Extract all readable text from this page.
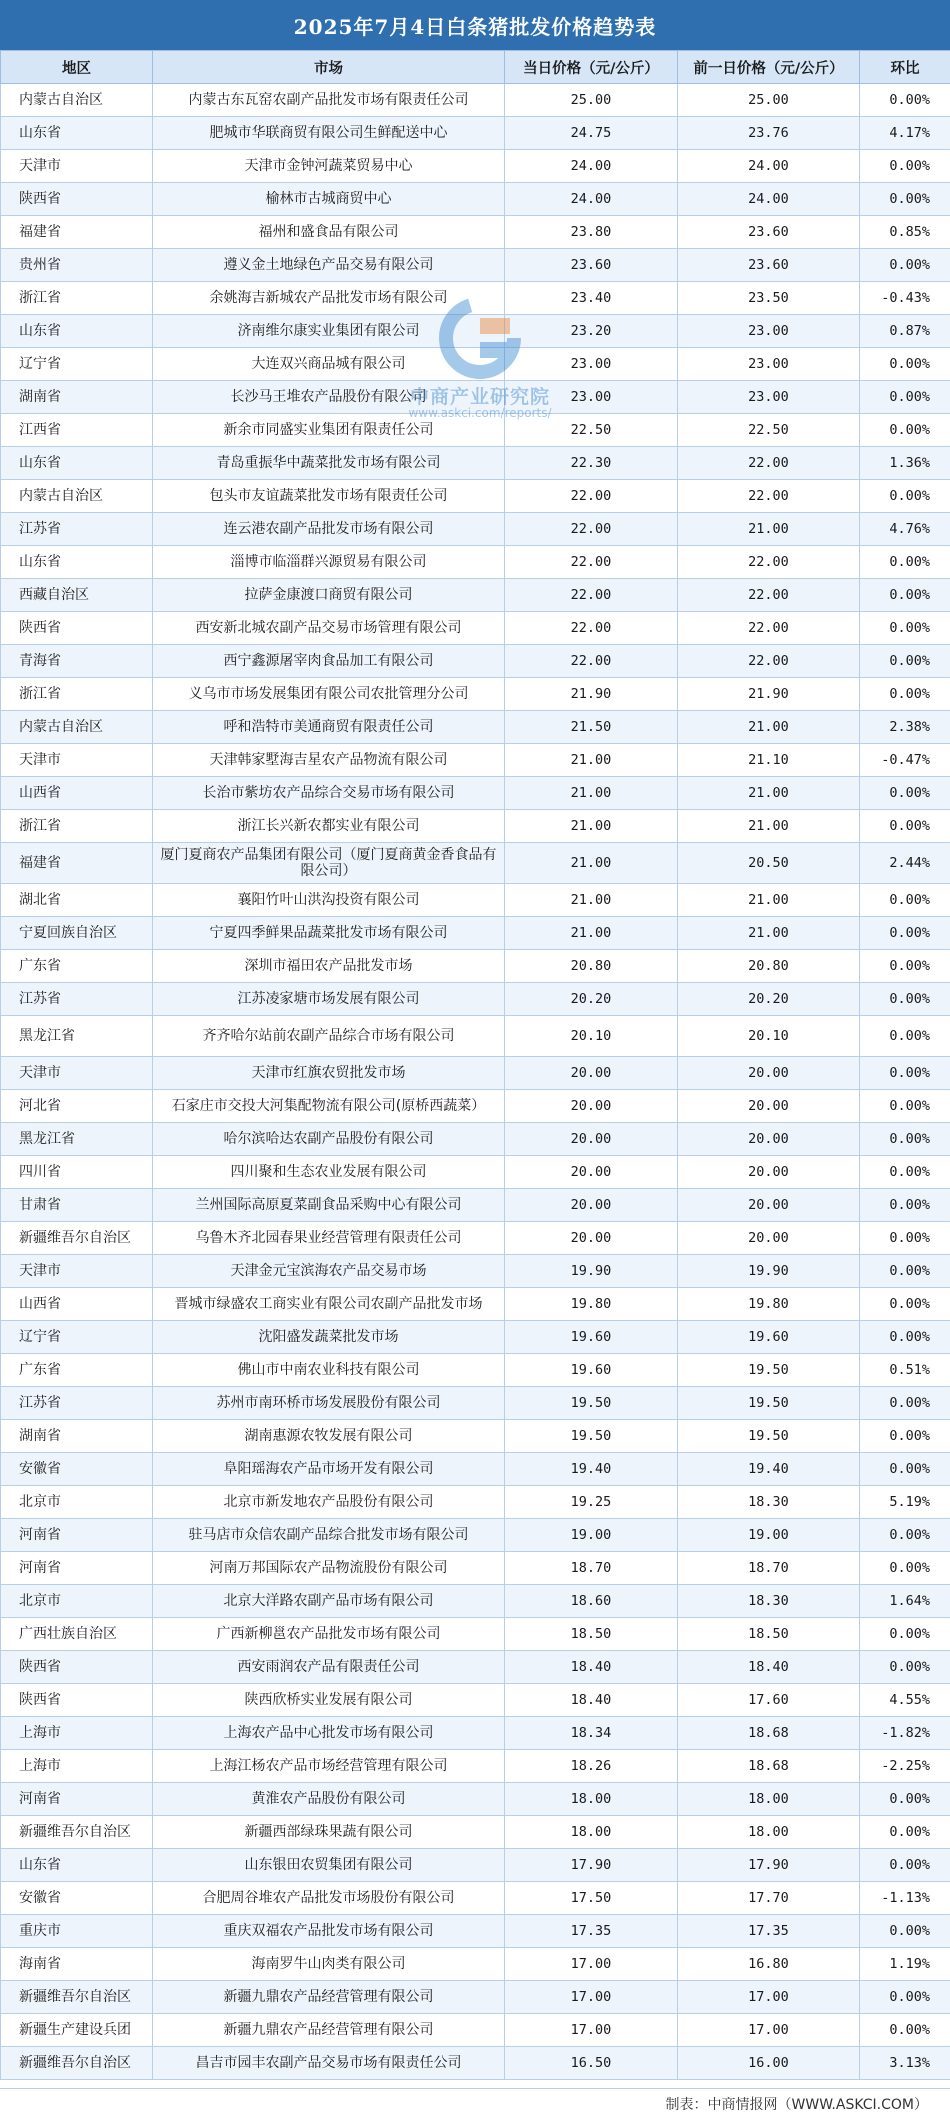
2025年7月4日白条猪批发价格趋势表
地区	市场	当日价格（元/公斤）	前一日价格（元/公斤）	环比
内蒙古自治区	内蒙古东瓦窑农副产品批发市场有限责任公司	25.00	25.00	0.00%
山东省	肥城市华联商贸有限公司生鲜配送中心	24.75	23.76	4.17%
天津市	天津市金钟河蔬菜贸易中心	24.00	24.00	0.00%
陕西省	榆林市古城商贸中心	24.00	24.00	0.00%
福建省	福州和盛食品有限公司	23.80	23.60	0.85%
贵州省	遵义金土地绿色产品交易有限公司	23.60	23.60	0.00%
浙江省	余姚海吉新城农产品批发市场有限公司	23.40	23.50	-0.43%
山东省	济南维尔康实业集团有限公司	23.20	23.00	0.87%
辽宁省	大连双兴商品城有限公司	23.00	23.00	0.00%
湖南省	长沙马王堆农产品股份有限公司	23.00	23.00	0.00%
江西省	新余市同盛实业集团有限责任公司	22.50	22.50	0.00%
山东省	青岛重振华中蔬菜批发市场有限公司	22.30	22.00	1.36%
内蒙古自治区	包头市友谊蔬菜批发市场有限责任公司	22.00	22.00	0.00%
江苏省	连云港农副产品批发市场有限公司	22.00	21.00	4.76%
山东省	淄博市临淄群兴源贸易有限公司	22.00	22.00	0.00%
西藏自治区	拉萨金康渡口商贸有限公司	22.00	22.00	0.00%
陕西省	西安新北城农副产品交易市场管理有限公司	22.00	22.00	0.00%
青海省	西宁鑫源屠宰肉食品加工有限公司	22.00	22.00	0.00%
浙江省	义乌市市场发展集团有限公司农批管理分公司	21.90	21.90	0.00%
内蒙古自治区	呼和浩特市美通商贸有限责任公司	21.50	21.00	2.38%
天津市	天津韩家墅海吉星农产品物流有限公司	21.00	21.10	-0.47%
山西省	长治市紫坊农产品综合交易市场有限公司	21.00	21.00	0.00%
浙江省	浙江长兴新农都实业有限公司	21.00	21.00	0.00%
福建省	厦门夏商农产品集团有限公司（厦门夏商黄金香食品有限公司）	21.00	20.50	2.44%
湖北省	襄阳竹叶山洪沟投资有限公司	21.00	21.00	0.00%
宁夏回族自治区	宁夏四季鲜果品蔬菜批发市场有限公司	21.00	21.00	0.00%
广东省	深圳市福田农产品批发市场	20.80	20.80	0.00%
江苏省	江苏凌家塘市场发展有限公司	20.20	20.20	0.00%
黑龙江省	齐齐哈尔站前农副产品综合市场有限公司	20.10	20.10	0.00%
天津市	天津市红旗农贸批发市场	20.00	20.00	0.00%
河北省	石家庄市交投大河集配物流有限公司(原桥西蔬菜）	20.00	20.00	0.00%
黑龙江省	哈尔滨哈达农副产品股份有限公司	20.00	20.00	0.00%
四川省	四川聚和生态农业发展有限公司	20.00	20.00	0.00%
甘肃省	兰州国际高原夏菜副食品采购中心有限公司	20.00	20.00	0.00%
新疆维吾尔自治区	乌鲁木齐北园春果业经营管理有限责任公司	20.00	20.00	0.00%
天津市	天津金元宝滨海农产品交易市场	19.90	19.90	0.00%
山西省	晋城市绿盛农工商实业有限公司农副产品批发市场	19.80	19.80	0.00%
辽宁省	沈阳盛发蔬菜批发市场	19.60	19.60	0.00%
广东省	佛山市中南农业科技有限公司	19.60	19.50	0.51%
江苏省	苏州市南环桥市场发展股份有限公司	19.50	19.50	0.00%
湖南省	湖南惠源农牧发展有限公司	19.50	19.50	0.00%
安徽省	阜阳瑶海农产品市场开发有限公司	19.40	19.40	0.00%
北京市	北京市新发地农产品股份有限公司	19.25	18.30	5.19%
河南省	驻马店市众信农副产品综合批发市场有限公司	19.00	19.00	0.00%
河南省	河南万邦国际农产品物流股份有限公司	18.70	18.70	0.00%
北京市	北京大洋路农副产品市场有限公司	18.60	18.30	1.64%
广西壮族自治区	广西新柳邕农产品批发市场有限公司	18.50	18.50	0.00%
陕西省	西安雨润农产品有限责任公司	18.40	18.40	0.00%
陕西省	陕西欣桥实业发展有限公司	18.40	17.60	4.55%
上海市	上海农产品中心批发市场有限公司	18.34	18.68	-1.82%
上海市	上海江杨农产品市场经营管理有限公司	18.26	18.68	-2.25%
河南省	黄淮农产品股份有限公司	18.00	18.00	0.00%
新疆维吾尔自治区	新疆西部绿珠果蔬有限公司	18.00	18.00	0.00%
山东省	山东银田农贸集团有限公司	17.90	17.90	0.00%
安徽省	合肥周谷堆农产品批发市场股份有限公司	17.50	17.70	-1.13%
重庆市	重庆双福农产品批发市场有限公司	17.35	17.35	0.00%
海南省	海南罗牛山肉类有限公司	17.00	16.80	1.19%
新疆维吾尔自治区	新疆九鼎农产品经营管理有限公司	17.00	17.00	0.00%
新疆生产建设兵团	新疆九鼎农产品经营管理有限公司	17.00	17.00	0.00%
新疆维吾尔自治区	昌吉市园丰农副产品交易市场有限责任公司	16.50	16.00	3.13%
中商产业研究院
www.askci.com/reports/
制表：中商情报网（WWW.ASKCI.COM）
